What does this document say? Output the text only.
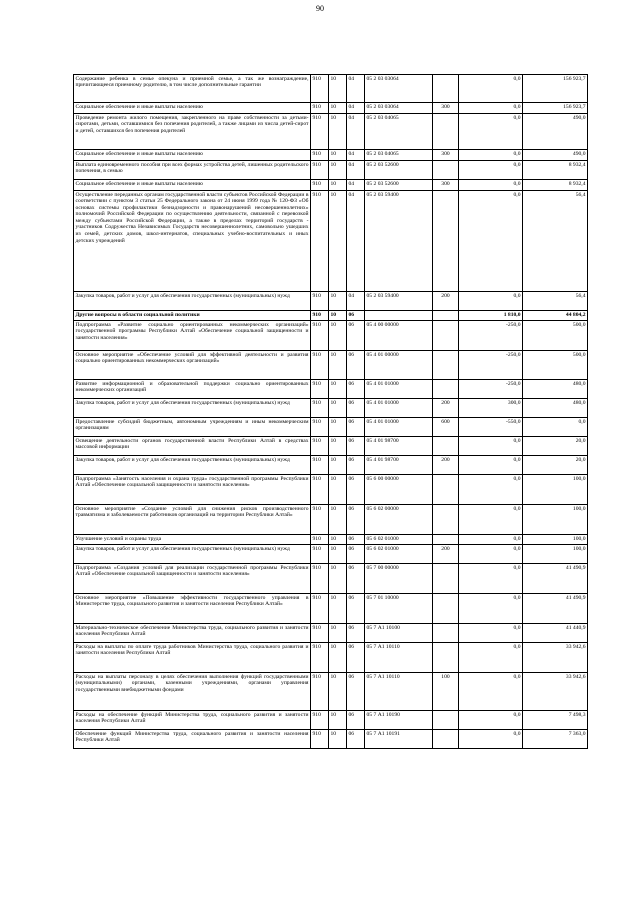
90
Содержание ребенка в семье опекуна и приемной семье, а так же вознаграждение, причитающееся приемному родителю, в том числе дополнительные гарантии	910	10	04	05 2 03 03064		0,0	156 923,7
Социальное обеспечение и иные выплаты населению	910	10	04	05 2 03 03064	300	0,0	156 923,7
Проведение ремонта жилого помещения, закрепленного на праве собственности за детьми-сиротами, детьми, оставшимися без попечения родителей, а также лицами из числа детей-сирот и детей, оставшихся без попечения родителей	910	10	04	05 2 03 04065		0,0	490,0
Социальное обеспечение и иные выплаты населению	910	10	04	05 2 03 04065	300	0,0	490,0
Выплата единовременного пособия при всех формах устройства детей, лишенных родительского попечения, в семью	910	10	04	05 2 03 52600		0,0	8 932,4
Социальное обеспечение и иные выплаты населению	910	10	04	05 2 03 52600	300	0,0	8 932,4
Осуществление переданных органам государственной власти субъектов Российской Федерации в соответствии с пунктом 3 статьи 25 Федерального закона от 24 июня 1999 года № 120-ФЗ «Об основах системы профилактики безнадзорности и правонарушений несовершеннолетних» полномочий Российской Федерации по осуществлению деятельности, связанной с перевозкой между субъектами Российской Федерации, а также в пределах территорий государств - участников Содружества Независимых Государств несовершеннолетних, самовольно ушедших из семей, детских домов, школ-интернатов, специальных учебно-воспитательных и иных детских учреждений	910	10	04	05 2 03 59400		0,0	56,4
Закупка товаров, работ и услуг для обеспечения государственных (муниципальных) нужд	910	10	04	05 2 03 59400	200	0,0	56,4
Другие вопросы в области социальной политики	910	10	06			1 810,0	44 804,2
Подпрограмма «Развитие социально ориентированных некоммерческих организаций» государственной программы Республики Алтай «Обеспечение социальной защищенности и занятости населения»	910	10	06	05 4 00 00000		-250,0	500,0
Основное мероприятие «Обеспечение условий для эффективной деятельности и развития социально ориентированных некоммерческих организаций»	910	10	06	05 4 01 00000		-250,0	500,0
Развитие информационной и образовательной поддержки социально ориентированных некоммерческих организаций	910	10	06	05 4 01 01000		-250,0	480,0
Закупка товаров, работ и услуг для обеспечения государственных (муниципальных) нужд	910	10	06	05 4 01 01000	200	300,0	480,0
Предоставление субсидий бюджетным, автономным учреждениям и иным некоммерческим организациям	910	10	06	05 4 01 01000	600	-550,0	0,0
Освещение деятельности органов государственной власти Республики Алтай в средствах массовой информации	910	10	06	05 4 01 98700		0,0	20,0
Закупка товаров, работ и услуг для обеспечения государственных (муниципальных) нужд	910	10	06	05 4 01 98700	200	0,0	20,0
Подпрограмма «Занятость населения и охрана труда» государственной программы Республики Алтай «Обеспечение социальной защищенности и занятости населения»	910	10	06	05 6 00 00000		0,0	100,0
Основное мероприятие «Создание условий для снижения рисков производственного травматизма и заболеваемости работников организаций на территории Республики Алтай»	910	10	06	05 6 02 00000		0,0	100,0
Улучшение условий и охраны труда	910	10	06	05 6 02 01000		0,0	100,0
Закупка товаров, работ и услуг для обеспечения государственных (муниципальных) нужд	910	10	06	05 6 02 01000	200	0,0	100,0
Подпрограмма «Создания условий для реализации государственной программы Республики Алтай «Обеспечение социальной защищенности и занятости населения»	910	10	06	05 7 00 00000		0,0	41 490,9
Основное мероприятие «Повышение эффективности государственного управления в Министерстве труда, социального развития и занятости населения Республики Алтай»	910	10	06	05 7 01 10000		0,0	41 490,9
Материально-техническое обеспечение Министерства труда, социального развития и занятости населения Республики Алтай	910	10	06	05 7 А1 10100		0,0	41 440,9
Расходы на выплаты по оплате труда работников Министерства труда, социального развития и занятости населения Республики Алтай	910	10	06	05 7 А1 10110		0,0	33 942,6
Расходы на выплаты персоналу в целях обеспечения выполнения функций государственными (муниципальными) органами, казенными учреждениями, органами управления государственными внебюджетными фондами	910	10	06	05 7 А1 10110	100	0,0	33 942,6
Расходы на обеспечение функций Министерства труда, социального развития и занятости населения Республики Алтай	910	10	06	05 7 А1 10190		0,0	7 498,3
Обеспечение функций Министерства труда, социального развития и занятости населения Республики Алтай	910	10	06	05 7 А1 10191		0,0	7 363,0
